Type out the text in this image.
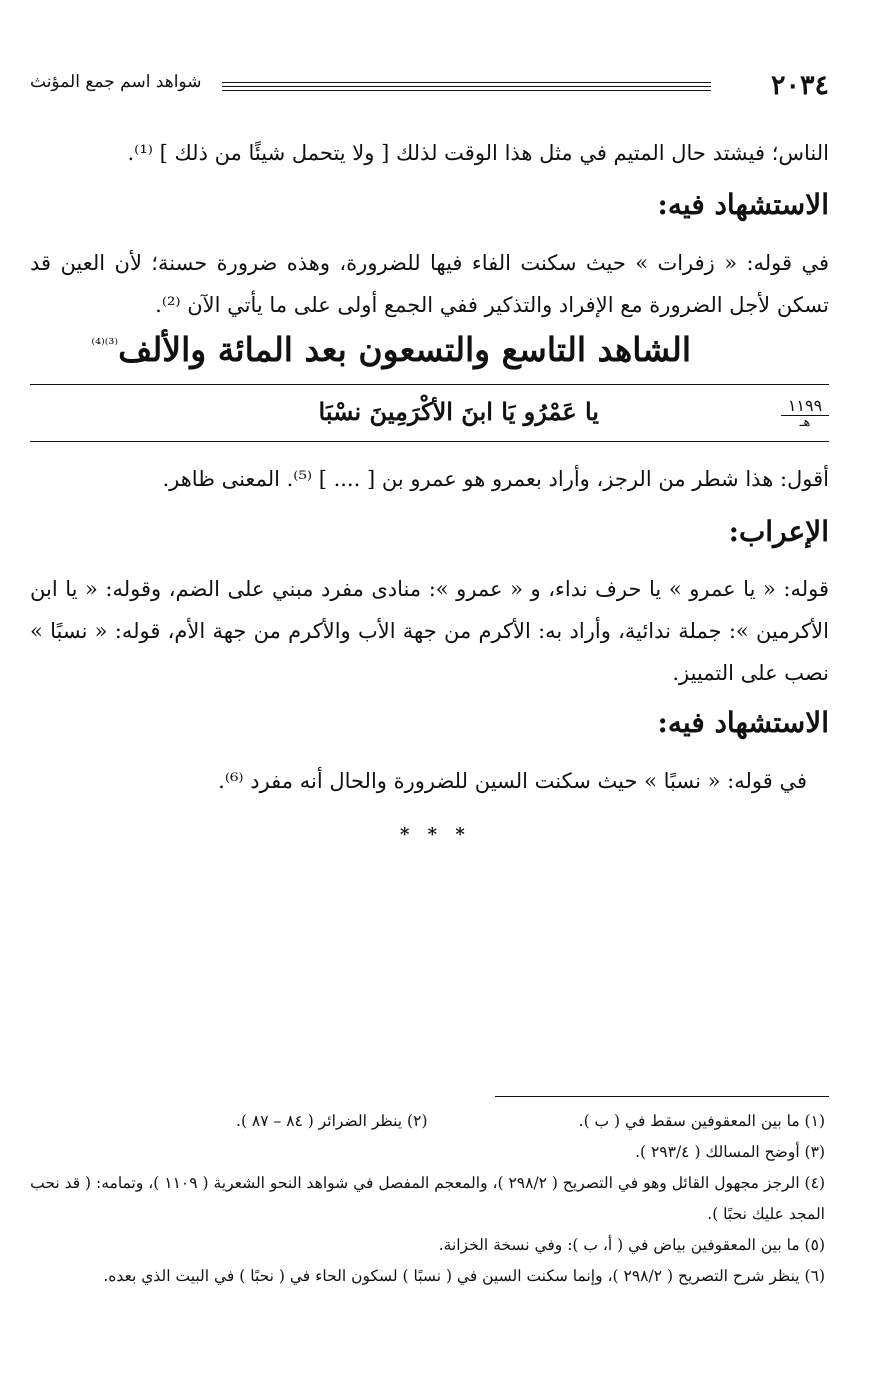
٢٠٣٤
شواهد اسم جمع المؤنث
الناس؛ فيشتد حال المتيم في مثل هذا الوقت لذلك [ ولا يتحمل شيئًا من ذلك ] ⁽¹⁾.
الاستشهاد فيه:
في قوله: « زفرات » حيث سكنت الفاء فيها للضرورة، وهذه ضرورة حسنة؛ لأن العين قد تسكن لأجل الضرورة مع الإفراد والتذكير ففي الجمع أولى على ما يأتي الآن ⁽²⁾.
الشاهد التاسع والتسعون بعد المائة والألف$^{^{(3)(4)}}$
١١٩٩
هـ
يا عَمْرُو يَا ابنَ الأكْرَمِينَ نسْبَا
أقول: هذا شطر من الرجز، وأراد بعمرو هو عمرو بن [ .... ] ⁽⁵⁾. المعنى ظاهر.
الإعراب:
قوله: « يا عمرو » يا حرف نداء، و « عمرو »: منادى مفرد مبني على الضم، وقوله: « يا ابن الأكرمين »: جملة ندائية، وأراد به: الأكرم من جهة الأب والأكرم من جهة الأم، قوله: « نسبًا » نصب على التمييز.
الاستشهاد فيه:
في قوله: « نسبًا » حيث سكنت السين للضرورة والحال أنه مفرد ⁽⁶⁾.
* * *
(١) ما بين المعقوفين سقط في ( ب ).
(٢) ينظر الضرائر ( ٨٤ – ٨٧ ).
(٣) أوضح المسالك ( ٢٩٣/٤ ).
(٤) الرجز مجهول القائل وهو في التصريح ( ٢٩٨/٢ )، والمعجم المفصل في شواهد النحو الشعرية ( ١١٠٩ )، وتمامه: ( قد نحب المجد عليك نحبًا ).
(٥) ما بين المعقوفين بياض في ( أ، ب ): وفي نسخة الخزانة.
(٦) ينظر شرح التصريح ( ٢٩٨/٢ )، وإنما سكنت السين في ( نسبًا ) لسكون الحاء في ( نحبًا ) في البيت الذي بعده.
